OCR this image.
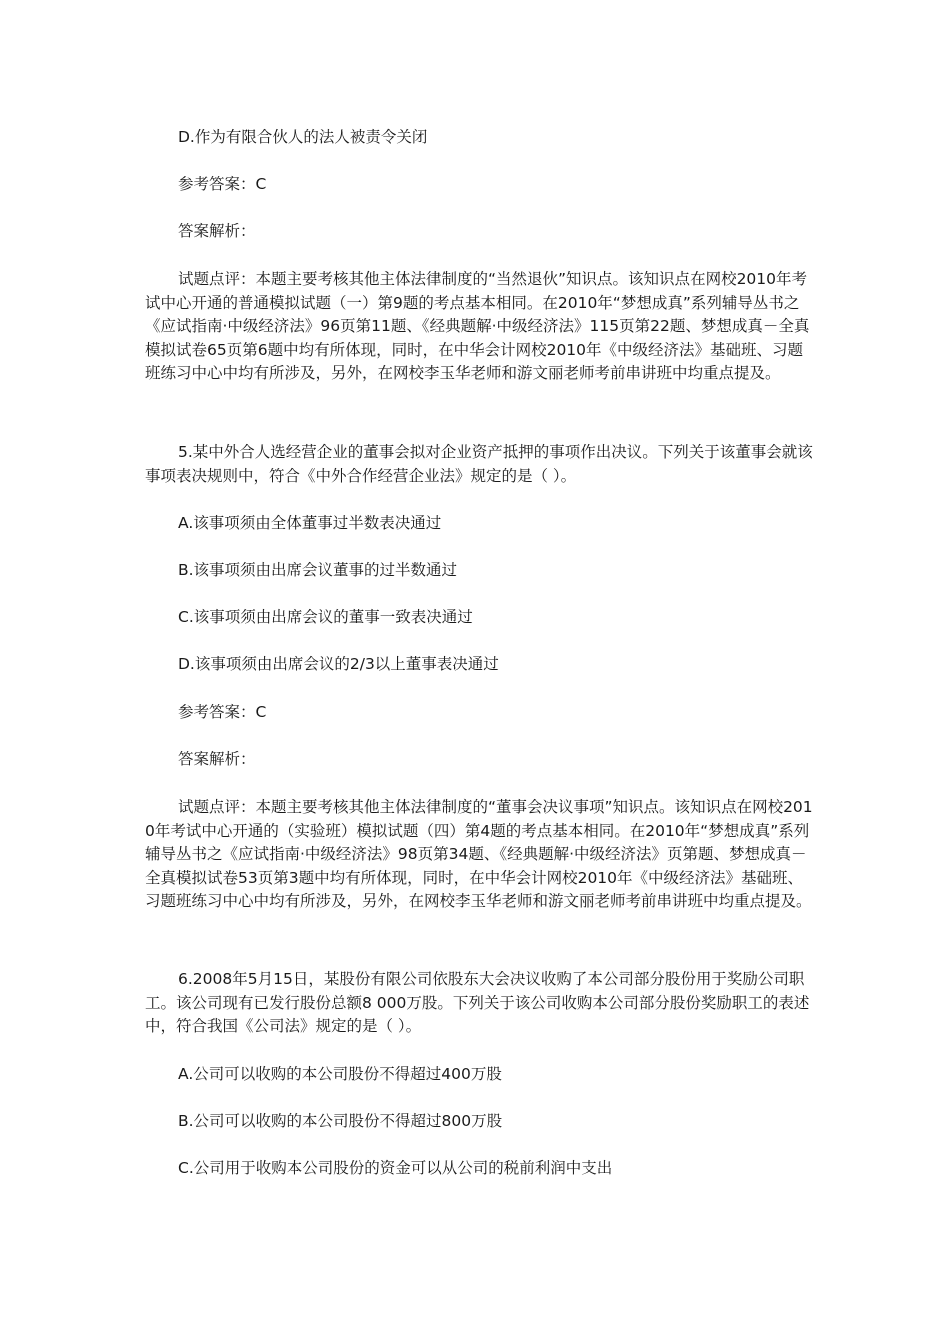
D.作为有限合伙人的法人被责令关闭

参考答案：C

答案解析：

试题点评：本题主要考核其他主体法律制度的“当然退伙”知识点。该知识点在网校2010年考试中心开通的普通模拟试题（一）第9题的考点基本相同。在2010年“梦想成真”系列辅导丛书之《应试指南·中级经济法》96页第11题、《经典题解·中级经济法》115页第22题、梦想成真－全真模拟试卷65页第6题中均有所体现，同时，在中华会计网校2010年《中级经济法》基础班、习题班练习中心中均有所涉及，另外，在网校李玉华老师和游文丽老师考前串讲班中均重点提及。

5.某中外合人选经营企业的董事会拟对企业资产抵押的事项作出决议。下列关于该董事会就该事项表决规则中，符合《中外合作经营企业法》规定的是（ ）。

A.该事项须由全体董事过半数表决通过

B.该事项须由出席会议董事的过半数通过

C.该事项须由出席会议的董事一致表决通过

D.该事项须由出席会议的2/3以上董事表决通过

参考答案：C

答案解析：

试题点评：本题主要考核其他主体法律制度的“董事会决议事项”知识点。该知识点在网校2010年考试中心开通的（实验班）模拟试题（四）第4题的考点基本相同。在2010年“梦想成真”系列辅导丛书之《应试指南·中级经济法》98页第34题、《经典题解·中级经济法》页第题、梦想成真－全真模拟试卷53页第3题中均有所体现，同时，在中华会计网校2010年《中级经济法》基础班、习题班练习中心中均有所涉及，另外，在网校李玉华老师和游文丽老师考前串讲班中均重点提及。

6.2008年5月15日，某股份有限公司依股东大会决议收购了本公司部分股份用于奖励公司职工。该公司现有已发行股份总额8 000万股。下列关于该公司收购本公司部分股份奖励职工的表述中，符合我国《公司法》规定的是（ ）。

A.公司可以收购的本公司股份不得超过400万股

B.公司可以收购的本公司股份不得超过800万股

C.公司用于收购本公司股份的资金可以从公司的税前利润中支出
